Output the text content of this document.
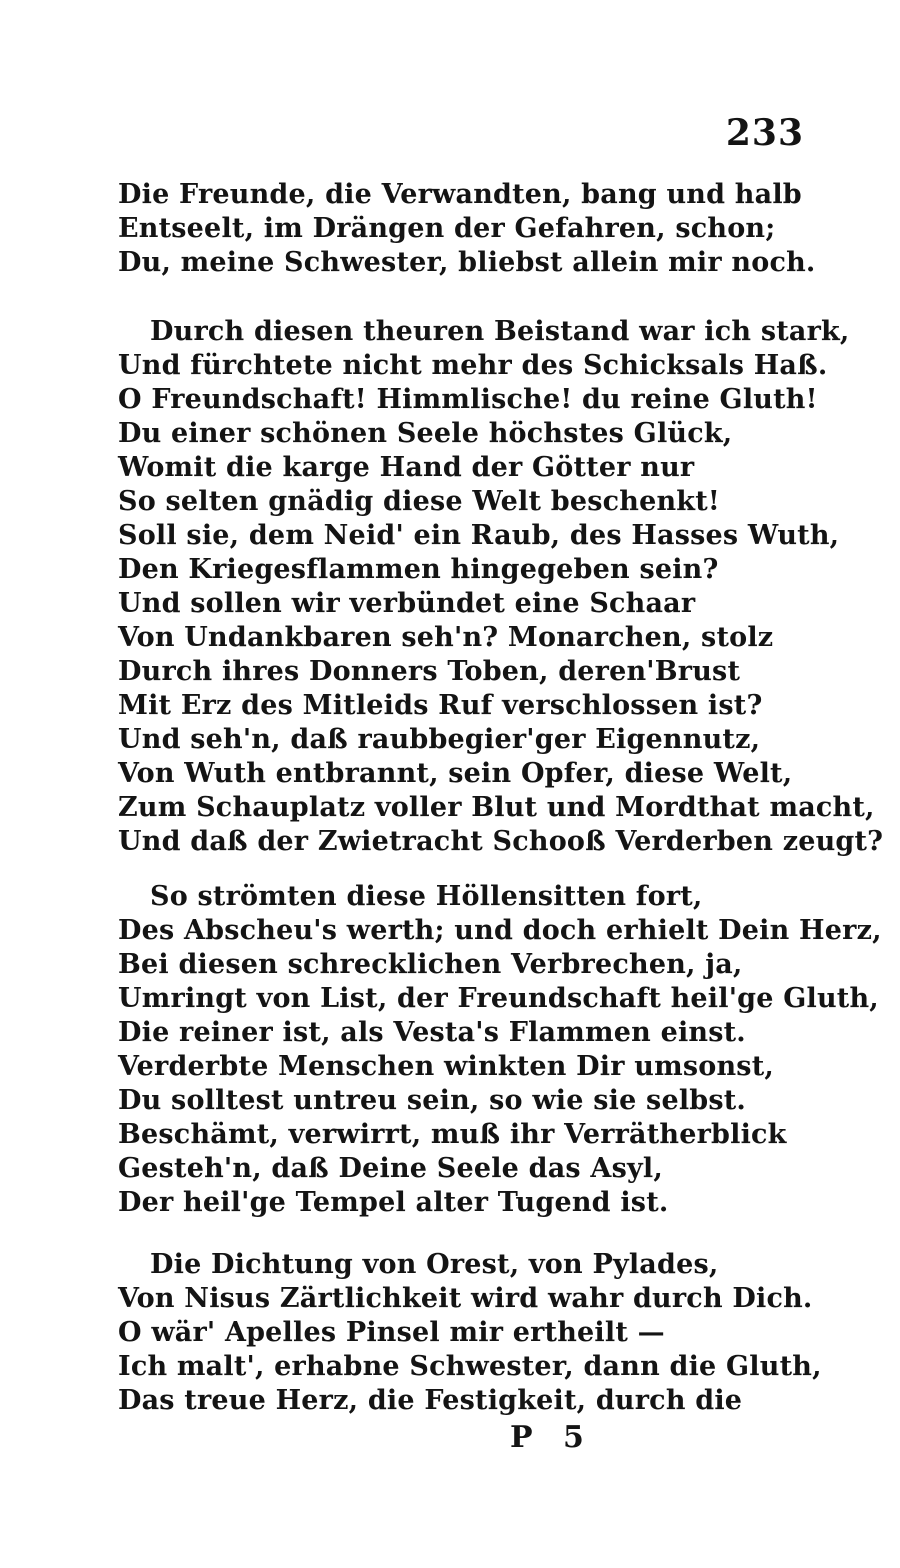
233
Die Freunde, die Verwandten, bang und halb
Entseelt, im Drängen der Gefahren, schon;
Du, meine Schwester, bliebst allein mir noch.
Durch diesen theuren Beistand war ich stark,
Und fürchtete nicht mehr des Schicksals Haß.
O Freundschaft! Himmlische! du reine Gluth!
Du einer schönen Seele höchstes Glück,
Womit die karge Hand der Götter nur
So selten gnädig diese Welt beschenkt!
Soll sie, dem Neid' ein Raub, des Hasses Wuth,
Den Kriegesflammen hingegeben sein?
Und sollen wir verbündet eine Schaar
Von Undankbaren seh'n? Monarchen, stolz
Durch ihres Donners Toben, deren'Brust
Mit Erz des Mitleids Ruf verschlossen ist?
Und seh'n, daß raubbegier'ger Eigennutz,
Von Wuth entbrannt, sein Opfer, diese Welt,
Zum Schauplatz voller Blut und Mordthat macht,
Und daß der Zwietracht Schooß Verderben zeugt?
So strömten diese Höllensitten fort,
Des Abscheu's werth; und doch erhielt Dein Herz,
Bei diesen schrecklichen Verbrechen, ja,
Umringt von List, der Freundschaft heil'ge Gluth,
Die reiner ist, als Vesta's Flammen einst.
Verderbte Menschen winkten Dir umsonst,
Du solltest untreu sein, so wie sie selbst.
Beschämt, verwirrt, muß ihr Verrätherblick
Gesteh'n, daß Deine Seele das Asyl,
Der heil'ge Tempel alter Tugend ist.
Die Dichtung von Orest, von Pylades,
Von Nisus Zärtlichkeit wird wahr durch Dich.
O wär' Apelles Pinsel mir ertheilt —
Ich malt', erhabne Schwester, dann die Gluth,
Das treue Herz, die Festigkeit, durch die
P 5
